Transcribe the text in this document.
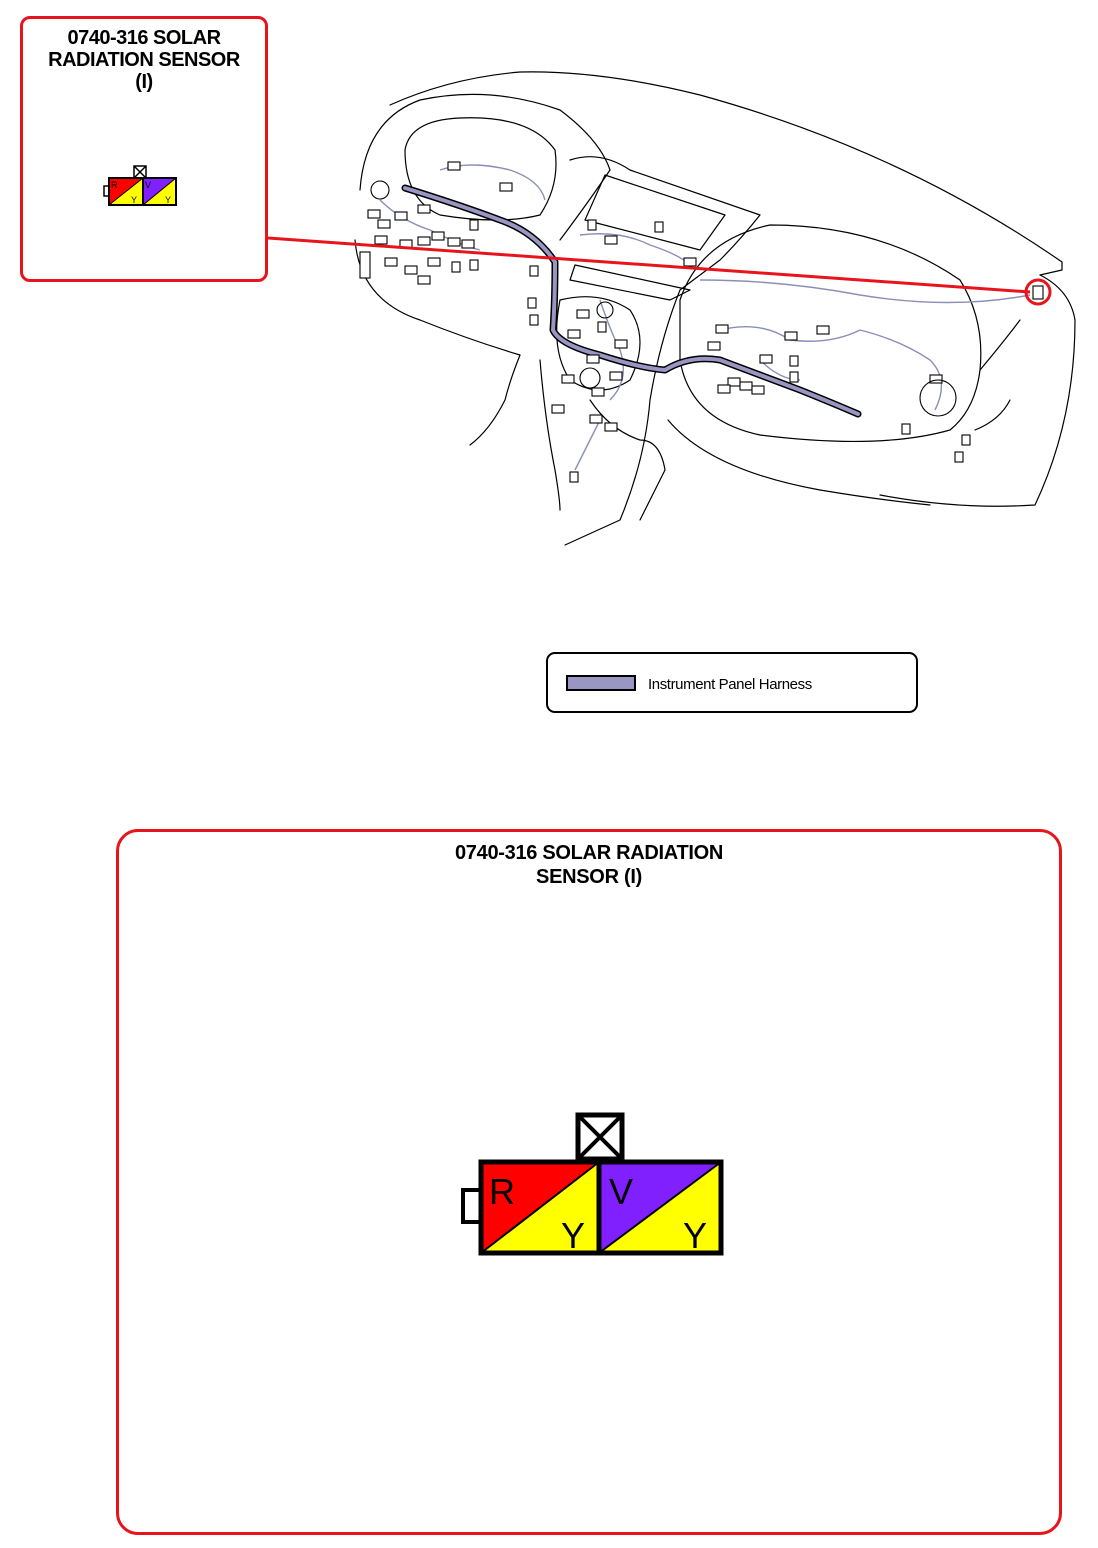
0740-316 SOLAR
RADIATION SENSOR
(I)
R
Y
V
Y
Instrument Panel Harness
0740-316 SOLAR RADIATION
SENSOR (I)
R
Y
V
Y
